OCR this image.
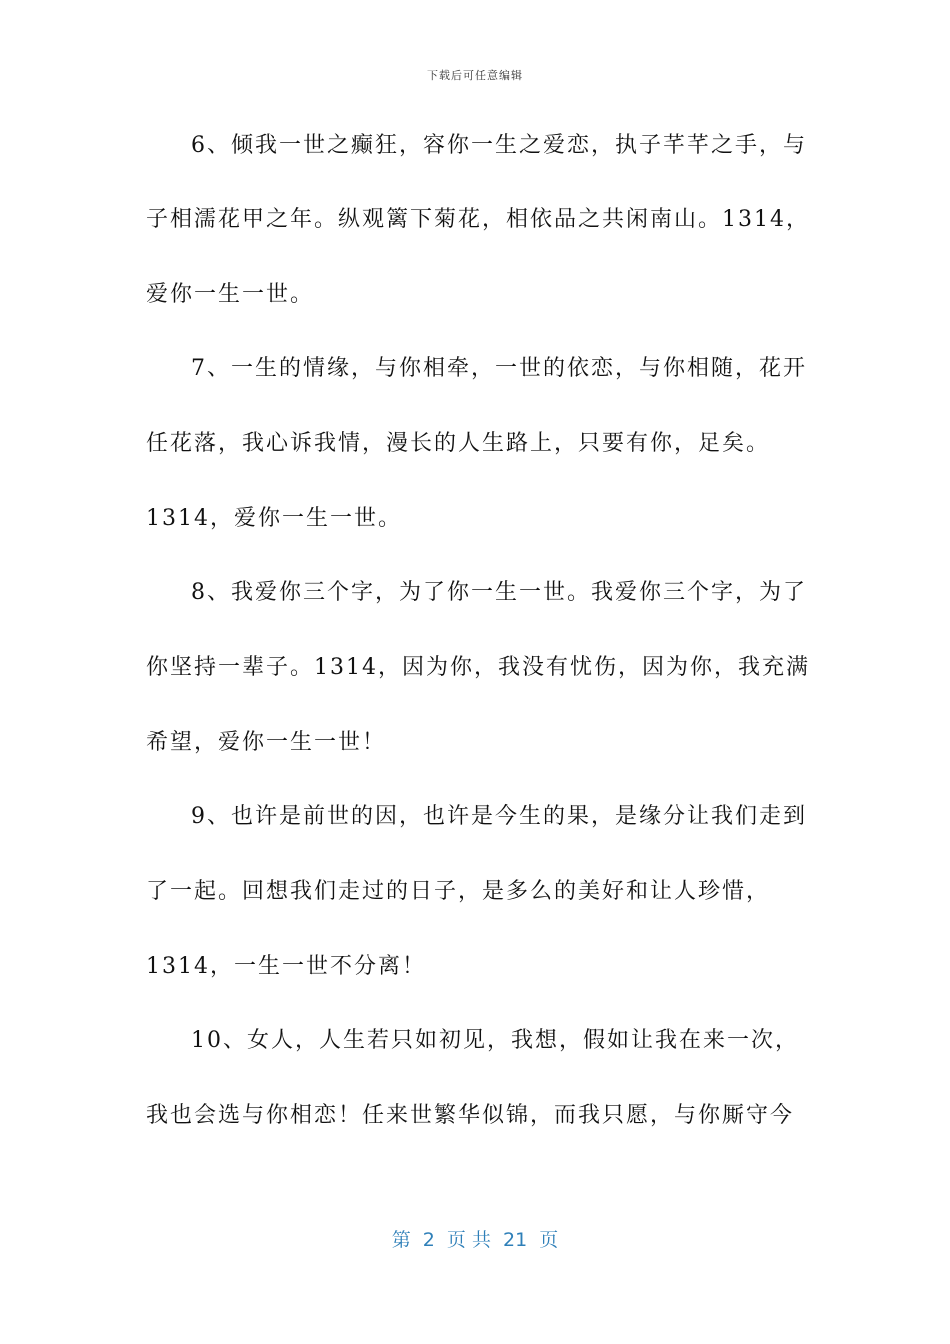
下载后可任意编辑
6、倾我一世之癫狂，容你一生之爱恋，执子芊芊之手，与
子相濡花甲之年。纵观篱下菊花，相依品之共闲南山。1314，
爱你一生一世。
7、一生的情缘，与你相牵，一世的依恋，与你相随，花开
任花落，我心诉我情，漫长的人生路上，只要有你，足矣。
1314，爱你一生一世。
8、我爱你三个字，为了你一生一世。我爱你三个字，为了
你坚持一辈子。1314，因为你，我没有忧伤，因为你，我充满
希望，爱你一生一世！
9、也许是前世的因，也许是今生的果，是缘分让我们走到
了一起。回想我们走过的日子，是多么的美好和让人珍惜，
1314，一生一世不分离！
10、女人，人生若只如初见，我想，假如让我在来一次，
我也会选与你相恋！任来世繁华似锦，而我只愿，与你厮守今
第  2  页 共  21  页
